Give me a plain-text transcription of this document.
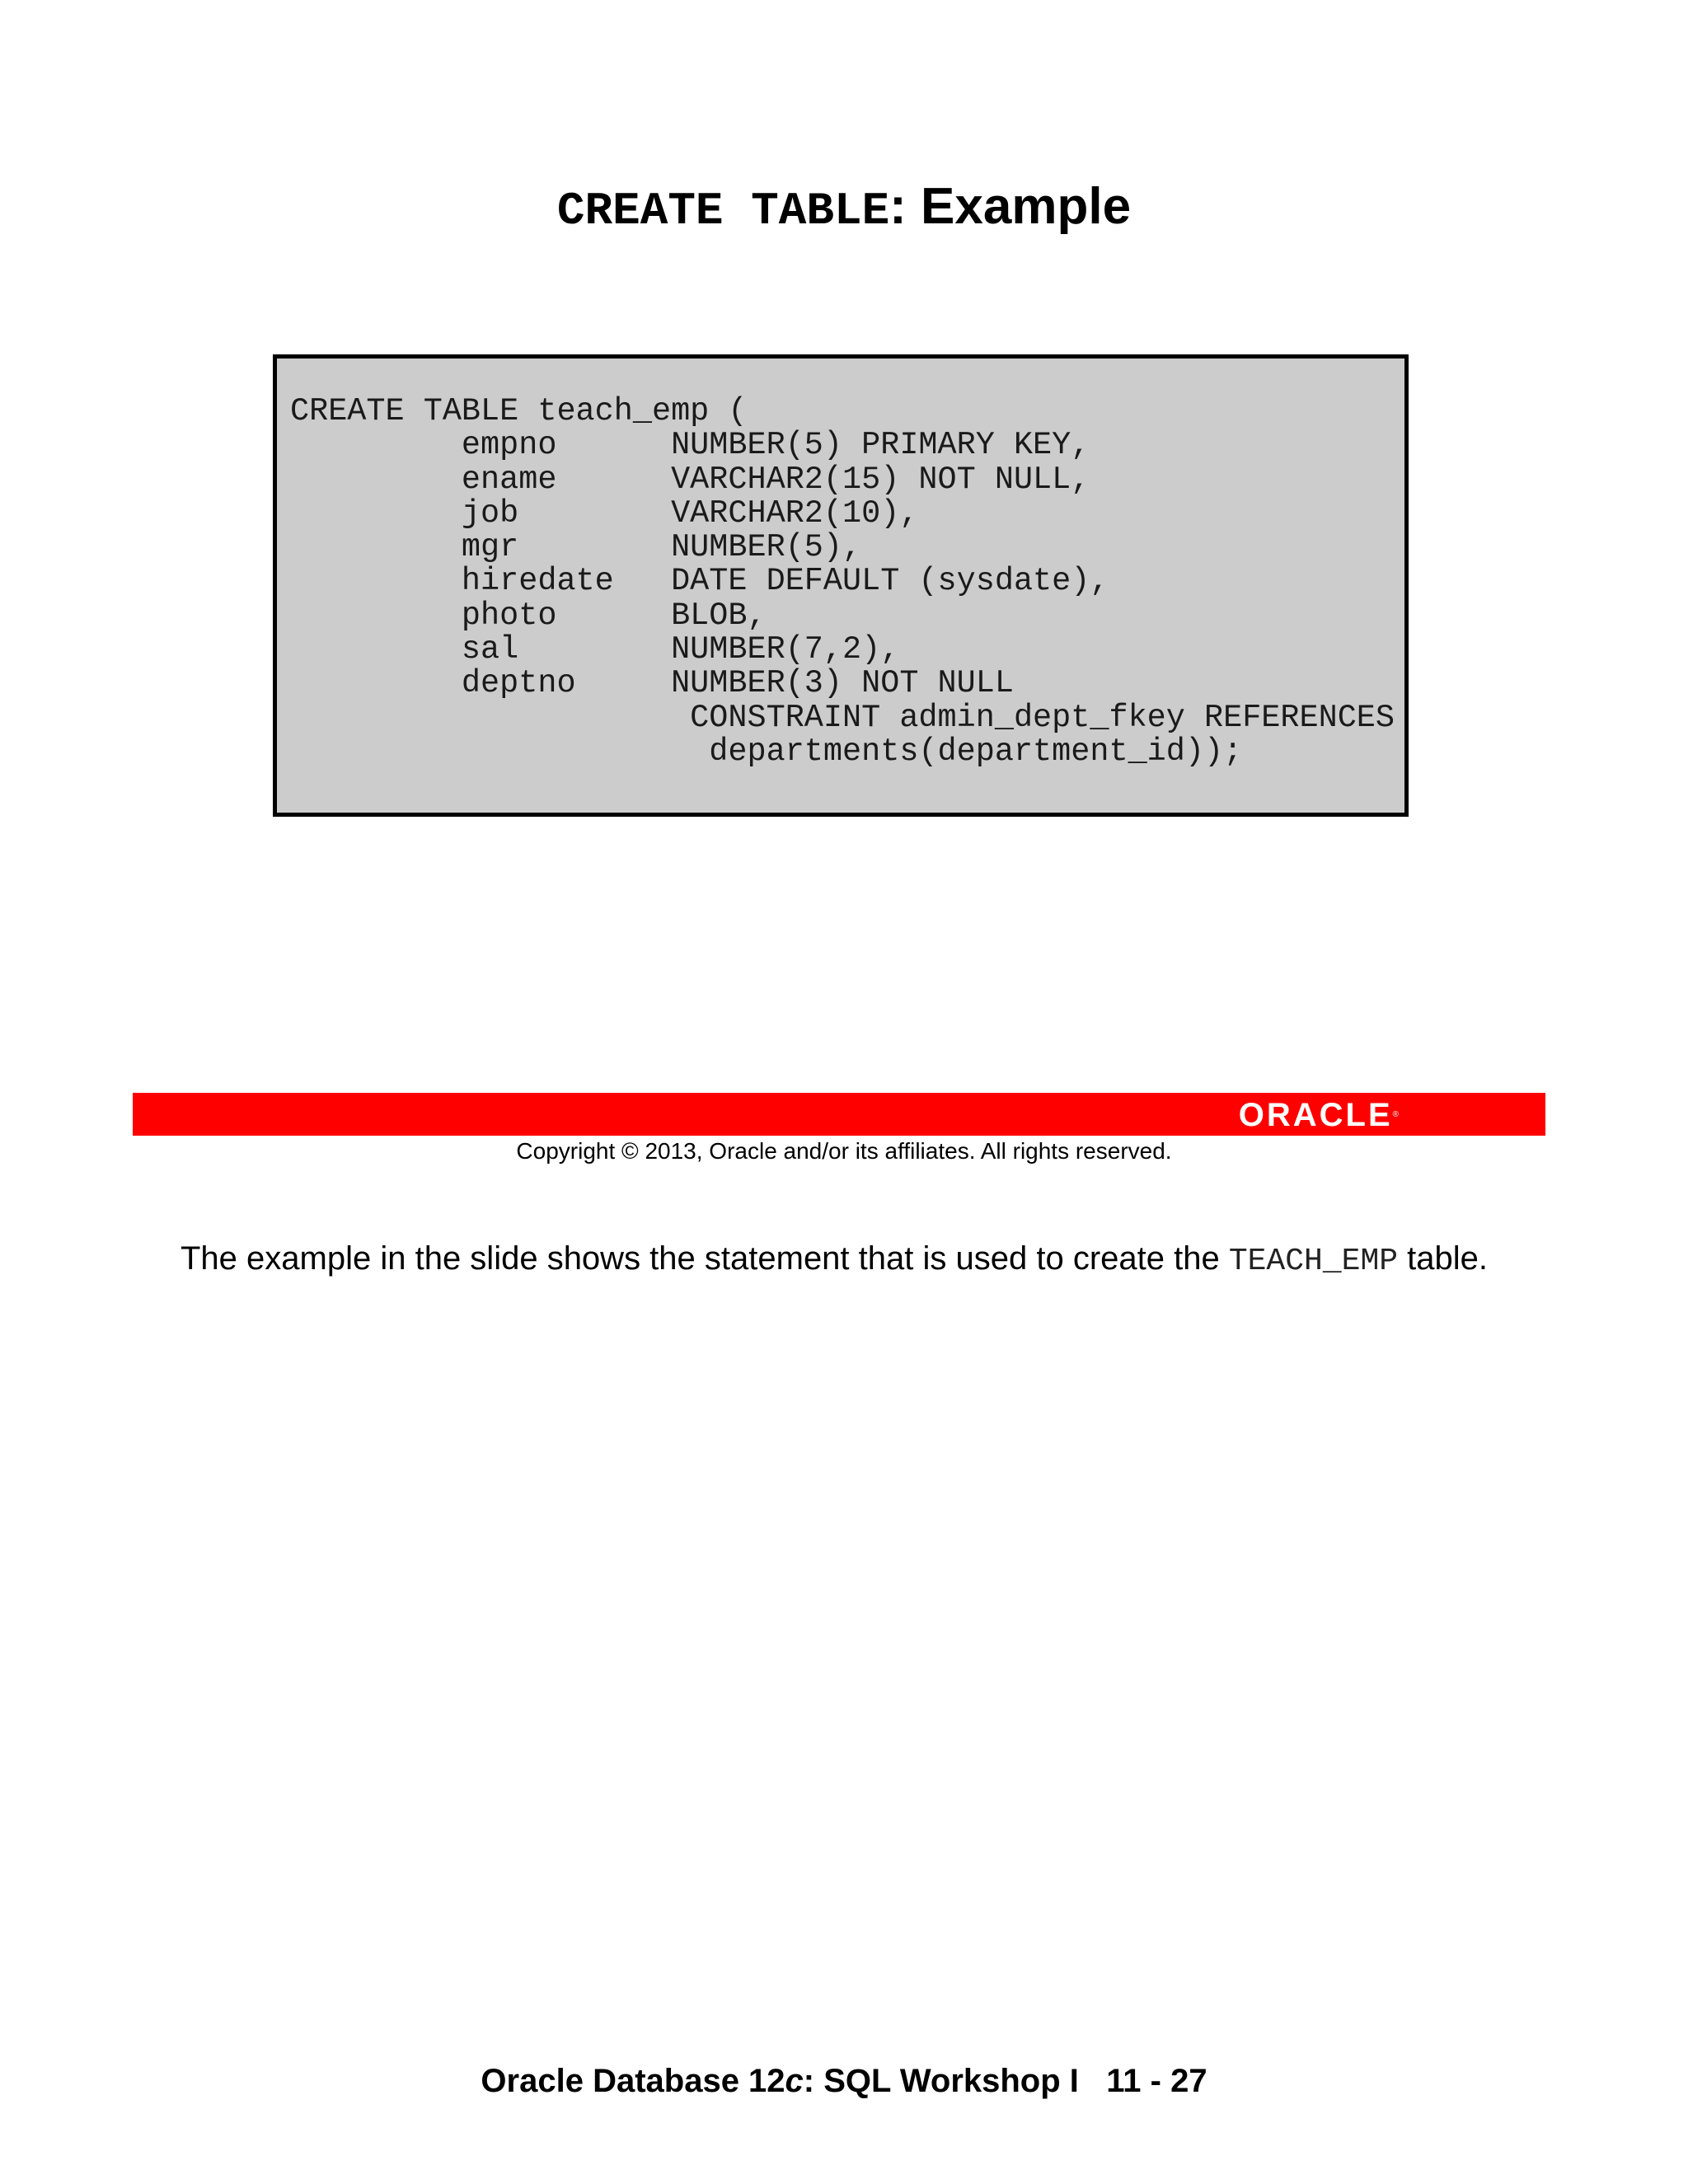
CREATE TABLE: Example
CREATE TABLE teach_emp (
empno      NUMBER(5) PRIMARY KEY,
ename      VARCHAR2(15) NOT NULL,
job        VARCHAR2(10),
mgr        NUMBER(5),
hiredate   DATE DEFAULT (sysdate),
photo      BLOB,
sal        NUMBER(7,2),
deptno     NUMBER(3) NOT NULL
CONSTRAINT admin_dept_fkey REFERENCES
departments(department_id));
ORACLE®
Copyright © 2013, Oracle and/or its affiliates. All rights reserved.
The example in the slide shows the statement that is used to create the TEACH_EMP table.
Oracle Database 12c: SQL Workshop I   11 - 27
